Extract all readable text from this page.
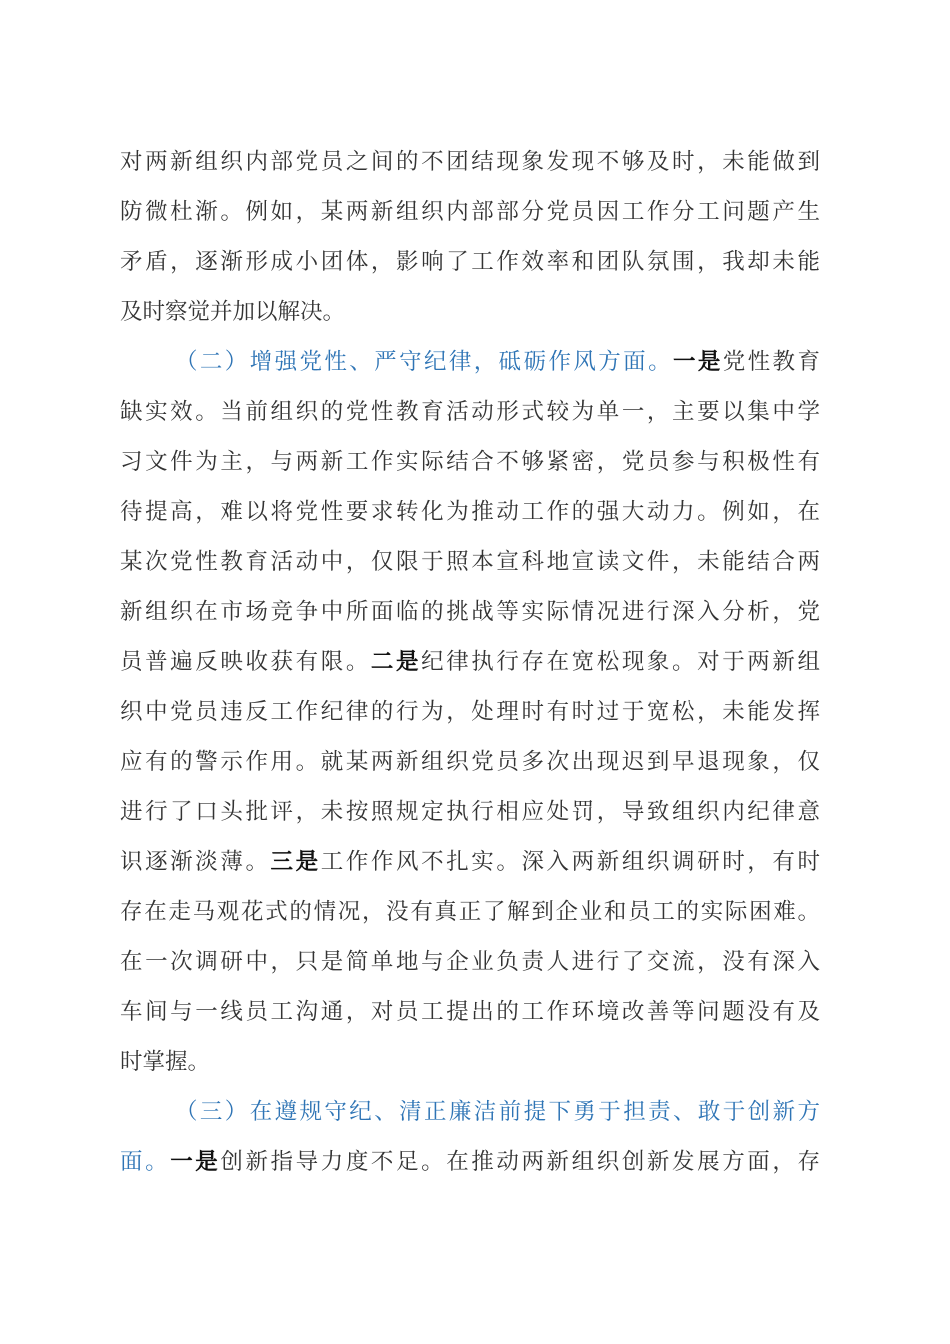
对两新组织内部党员之间的不团结现象发现不够及时，未能做到
防微杜渐。例如，某两新组织内部部分党员因工作分工问题产生
矛盾，逐渐形成小团体，影响了工作效率和团队氛围，我却未能
及时察觉并加以解决。
（二）增强党性、严守纪律，砥砺作风方面。一是党性教育
缺实效。当前组织的党性教育活动形式较为单一，主要以集中学
习文件为主，与两新工作实际结合不够紧密，党员参与积极性有
待提高，难以将党性要求转化为推动工作的强大动力。例如，在
某次党性教育活动中，仅限于照本宣科地宣读文件，未能结合两
新组织在市场竞争中所面临的挑战等实际情况进行深入分析，党
员普遍反映收获有限。二是纪律执行存在宽松现象。对于两新组
织中党员违反工作纪律的行为，处理时有时过于宽松，未能发挥
应有的警示作用。就某两新组织党员多次出现迟到早退现象，仅
进行了口头批评，未按照规定执行相应处罚，导致组织内纪律意
识逐渐淡薄。三是工作作风不扎实。深入两新组织调研时，有时
存在走马观花式的情况，没有真正了解到企业和员工的实际困难。
在一次调研中，只是简单地与企业负责人进行了交流，没有深入
车间与一线员工沟通，对员工提出的工作环境改善等问题没有及
时掌握。
（三）在遵规守纪、清正廉洁前提下勇于担责、敢于创新方
面。一是创新指导力度不足。在推动两新组织创新发展方面，存
